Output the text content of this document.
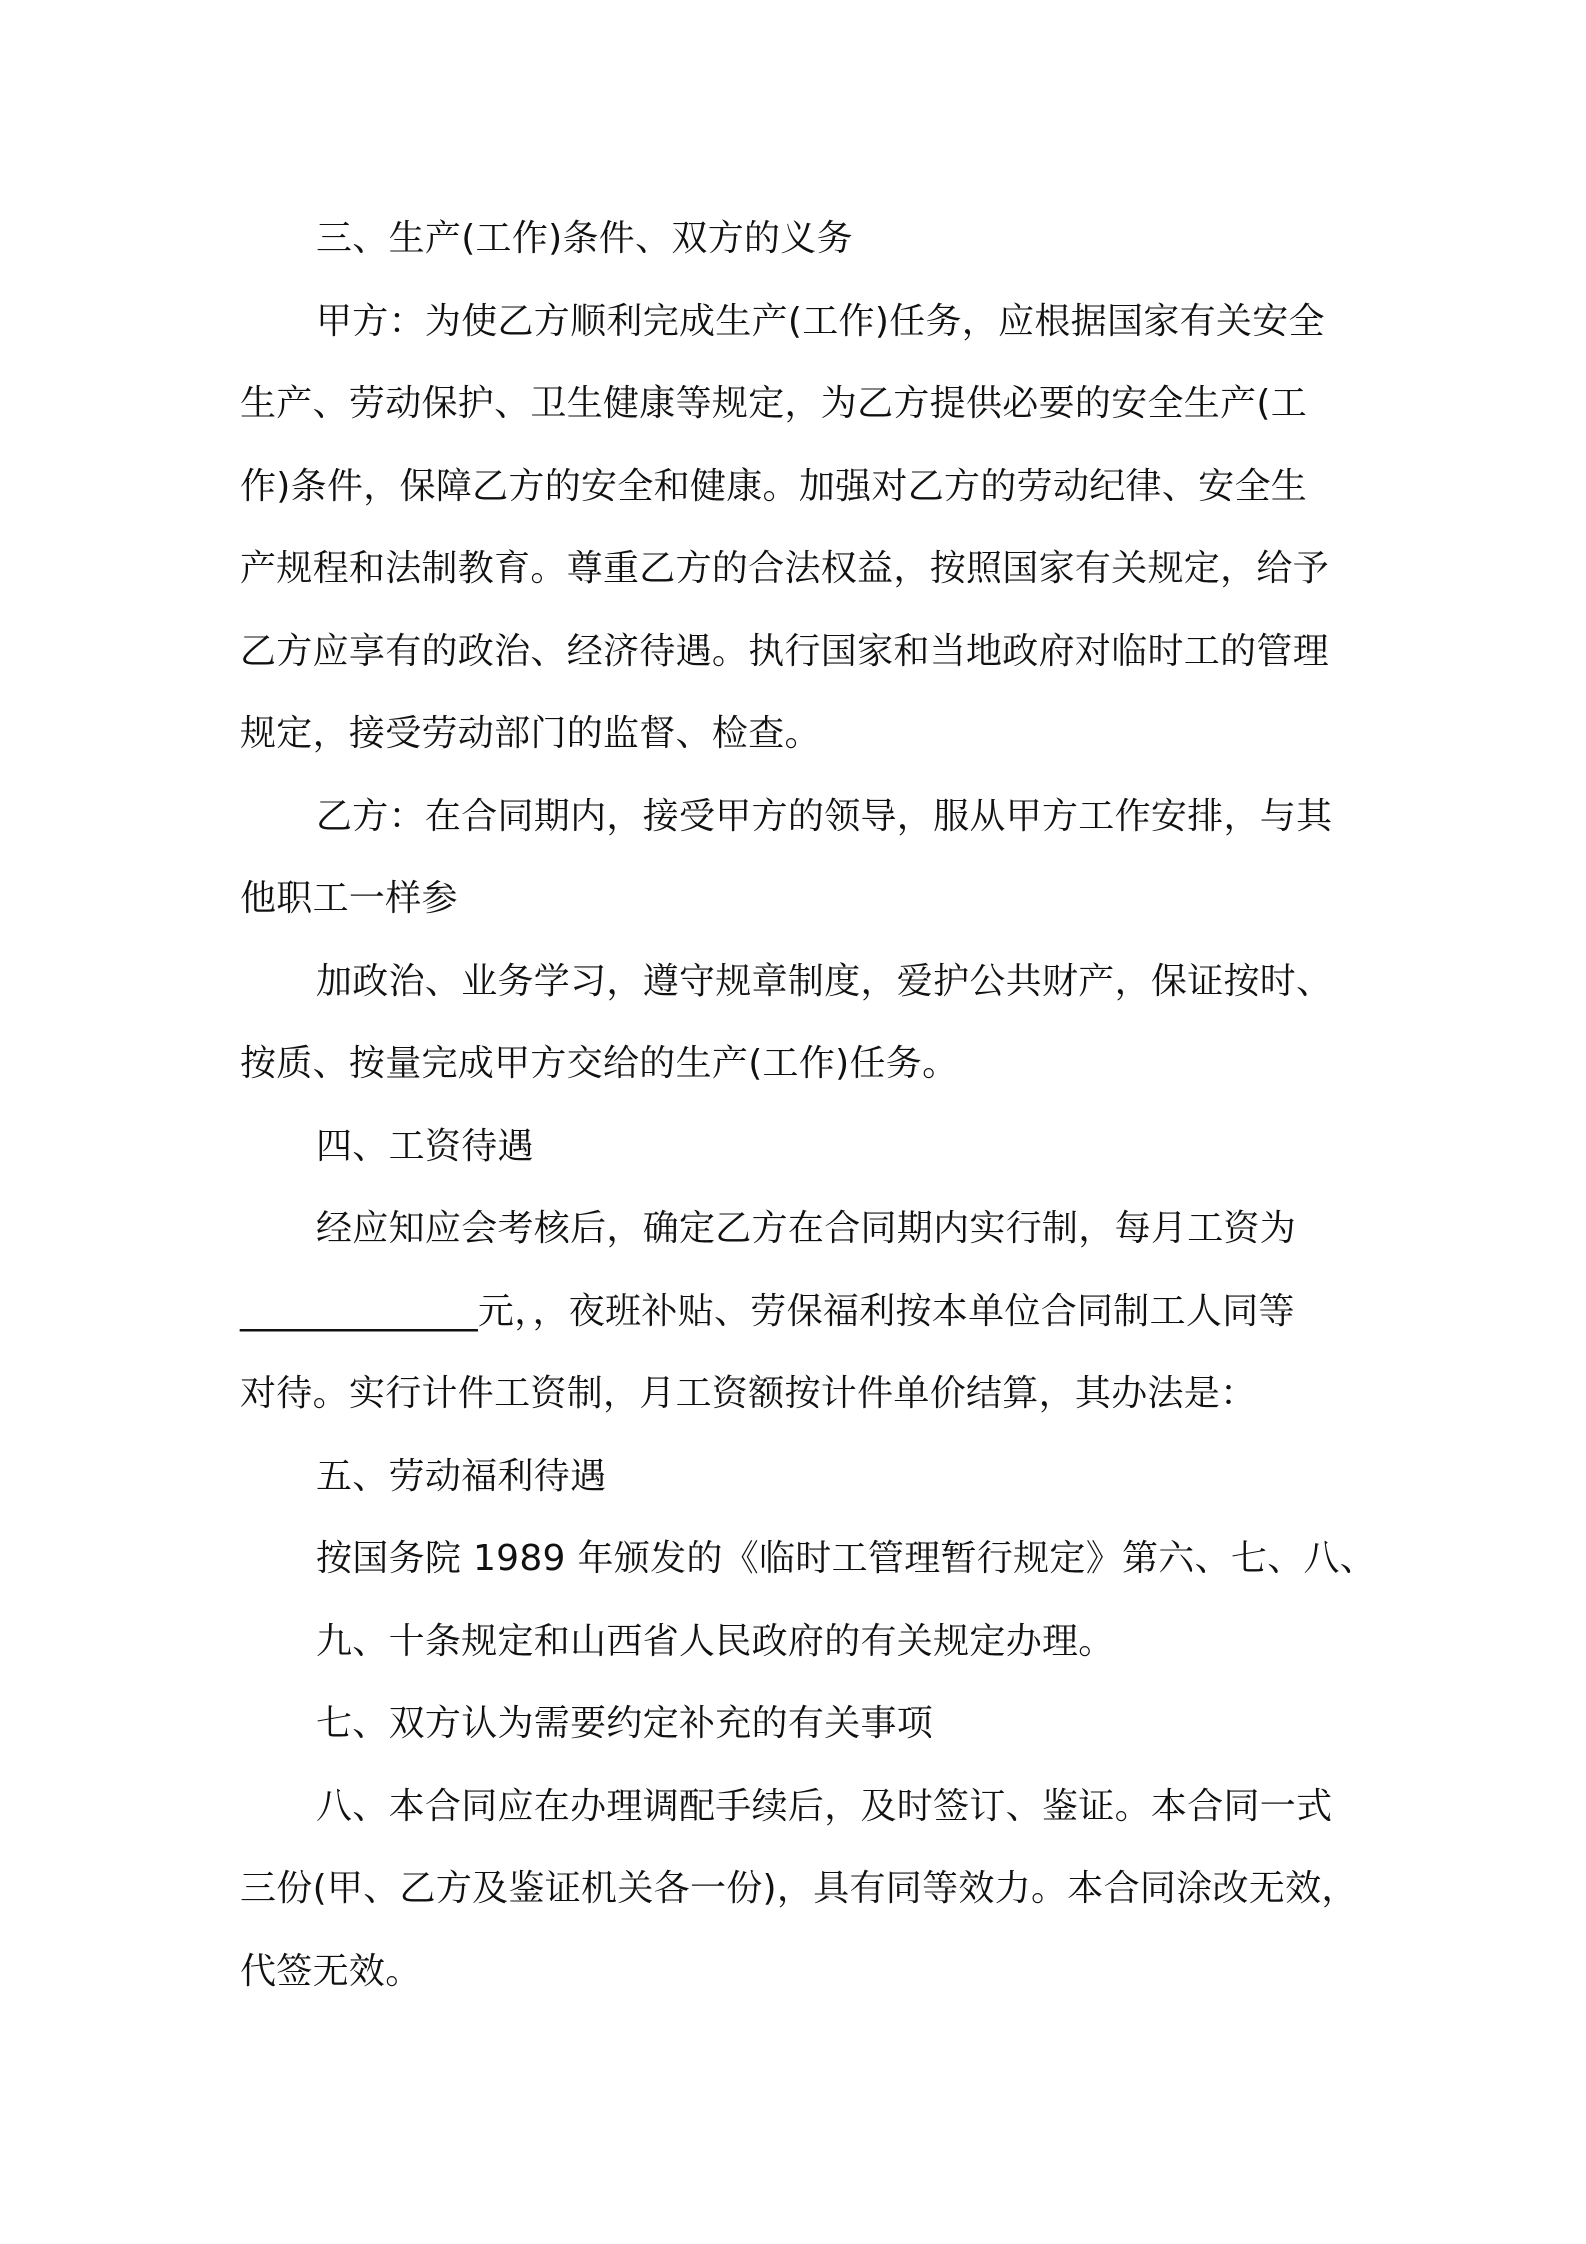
三、生产(工作)条件、双方的义务
甲方：为使乙方顺利完成生产(工作)任务，应根据国家有关安全
生产、劳动保护、卫生健康等规定，为乙方提供必要的安全生产(工
作)条件，保障乙方的安全和健康。加强对乙方的劳动纪律、安全生
产规程和法制教育。尊重乙方的合法权益，按照国家有关规定，给予
乙方应享有的政治、经济待遇。执行国家和当地政府对临时工的管理
规定，接受劳动部门的监督、检查。
乙方：在合同期内，接受甲方的领导，服从甲方工作安排，与其
他职工一样参
加政治、业务学习，遵守规章制度，爱护公共财产，保证按时、
按质、按量完成甲方交给的生产(工作)任务。
四、工资待遇
经应知应会考核后，确定乙方在合同期内实行制，每月工资为
_____________元，，夜班补贴、劳保福利按本单位合同制工人同等
对待。实行计件工资制，月工资额按计件单价结算，其办法是：
五、劳动福利待遇
按国务院 1989 年颁发的《临时工管理暂行规定》第六、七、八、
九、十条规定和山西省人民政府的有关规定办理。
七、双方认为需要约定补充的有关事项
八、本合同应在办理调配手续后，及时签订、鉴证。本合同一式
三份(甲、乙方及鉴证机关各一份)，具有同等效力。本合同涂改无效，
代签无效。
